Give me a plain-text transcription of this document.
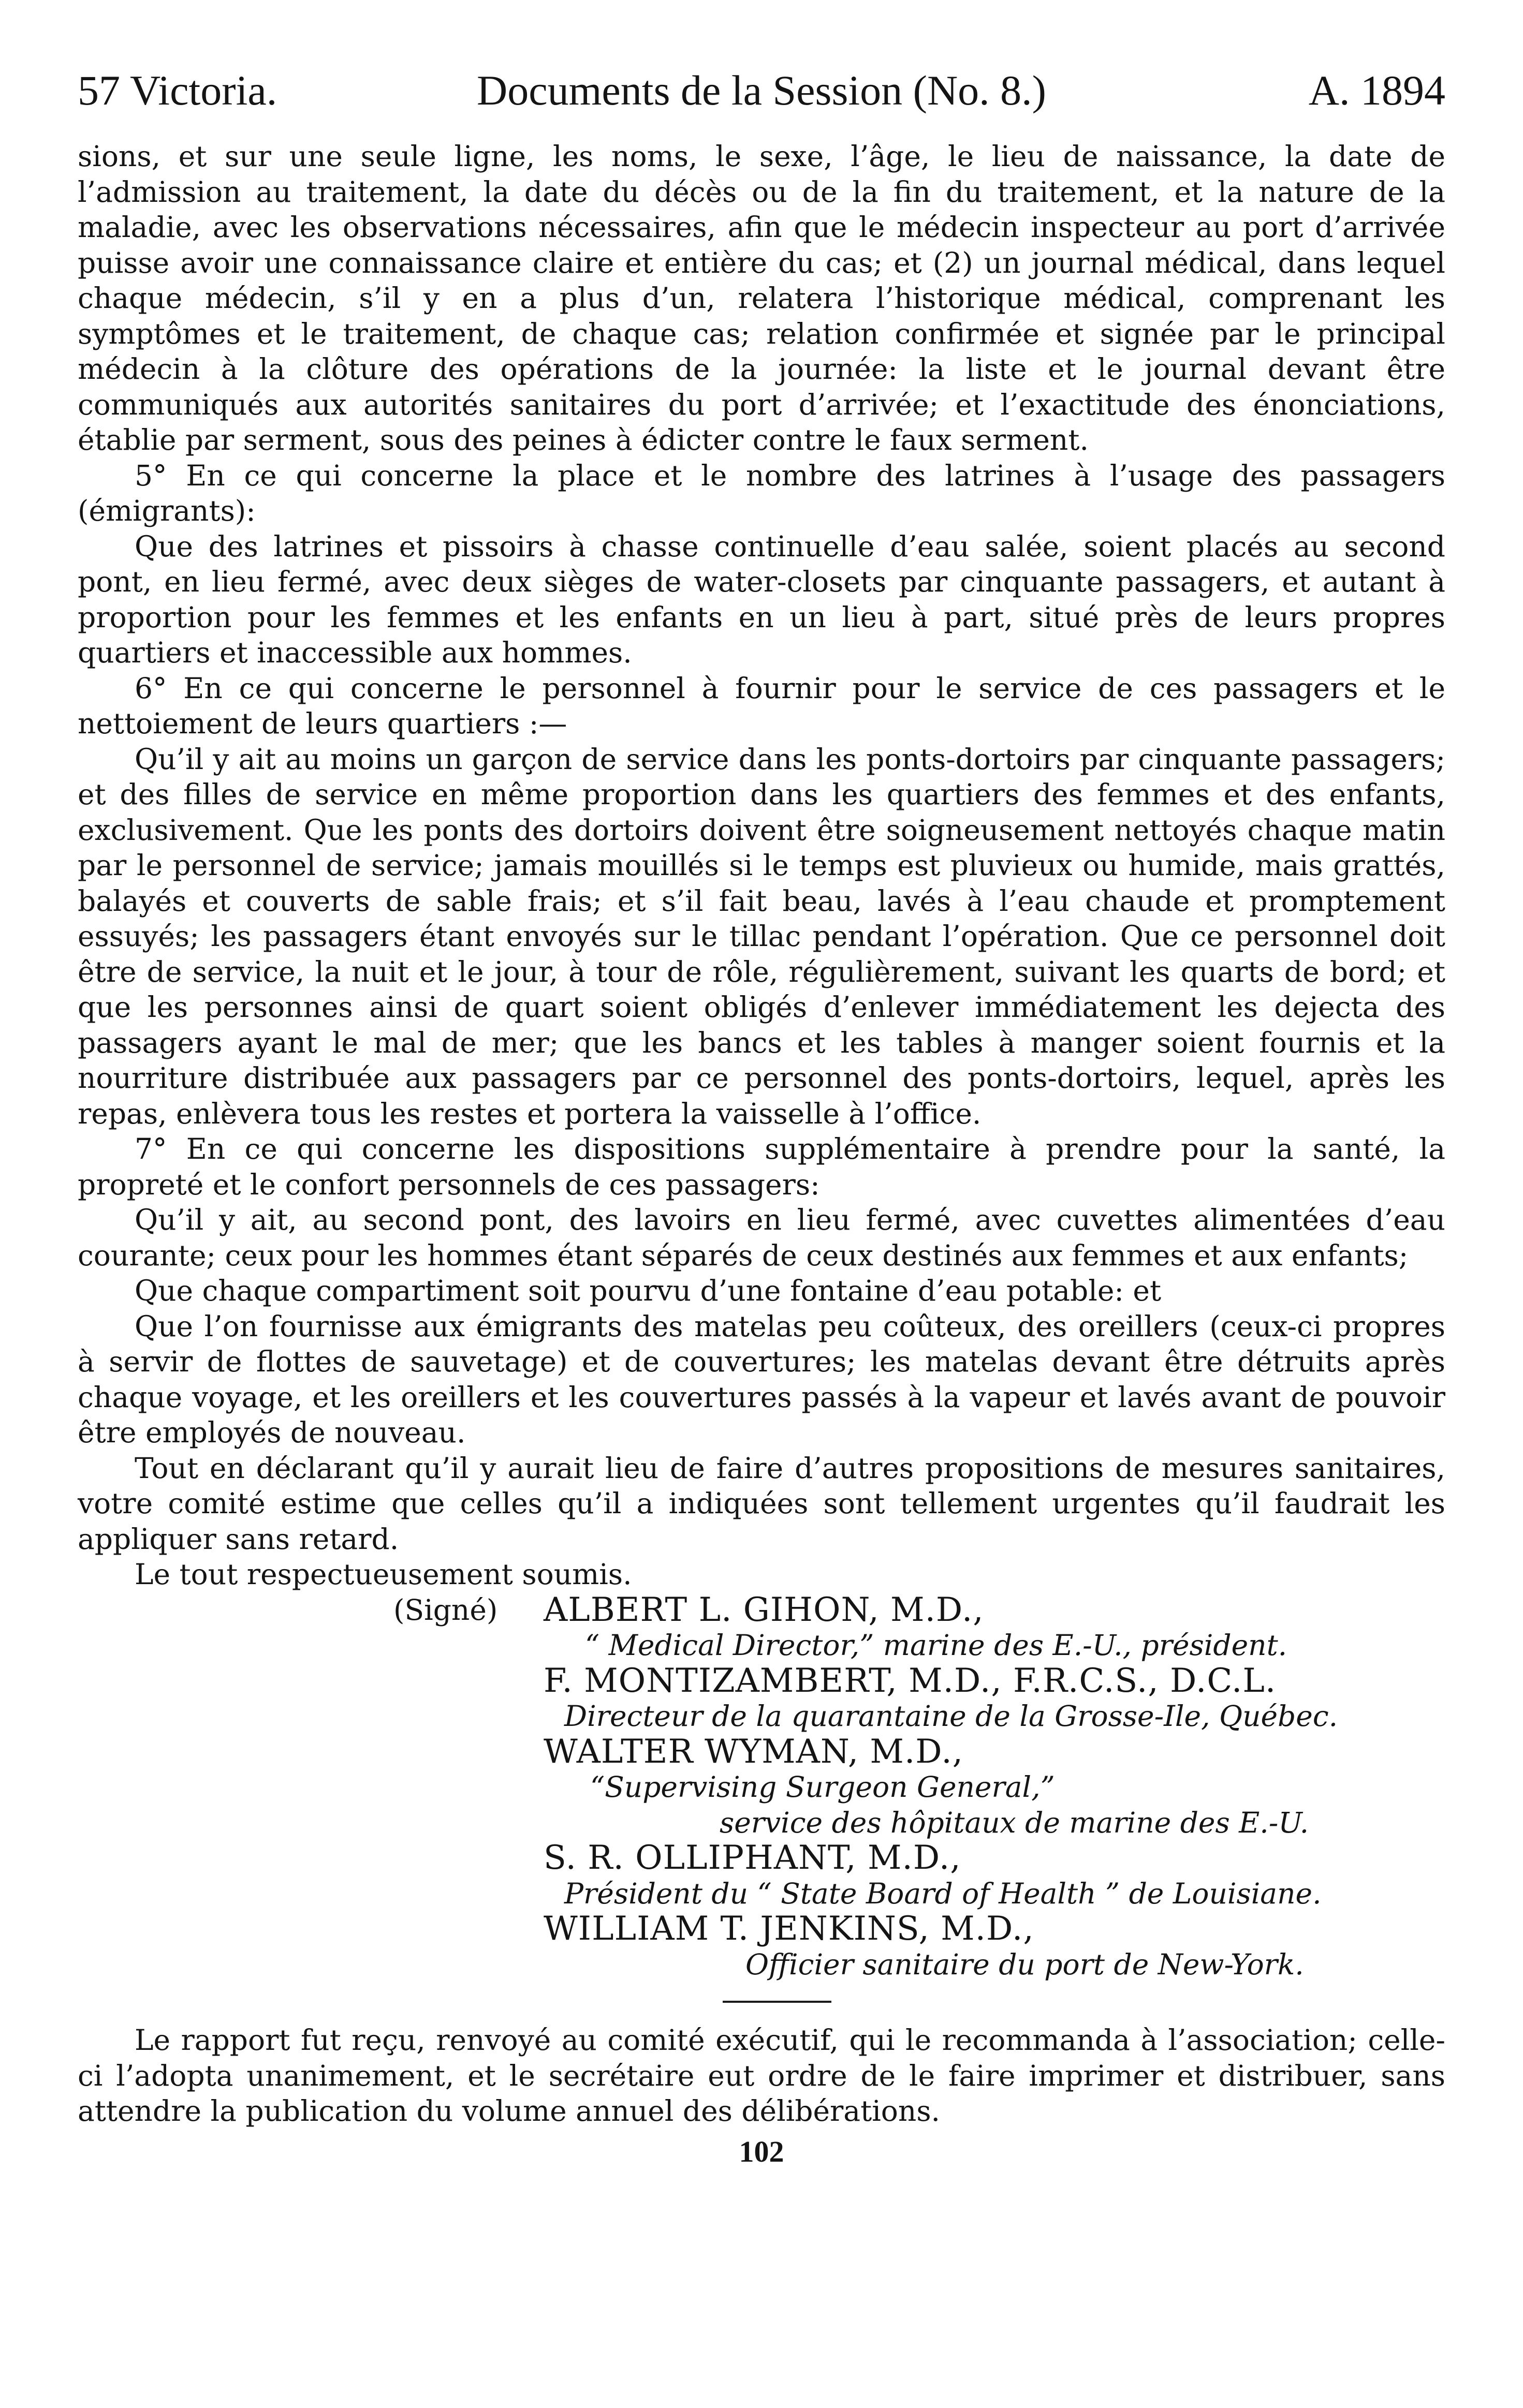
57 Victoria.	Documents de la Session (No. 8.)	A. 1894

sions, et sur une seule ligne, les noms, le sexe, l’âge, le lieu de naissance, la date de l’admission au traitement, la date du décès ou de la fin du traitement, et la nature de la maladie, avec les observations nécessaires, afin que le médecin inspecteur au port d’arrivée puisse avoir une connaissance claire et entière du cas; et (2) un journal médical, dans lequel chaque médecin, s’il y en a plus d’un, relatera l’historique médical, comprenant les symptômes et le traitement, de chaque cas; relation confirmée et signée par le principal médecin à la clôture des opérations de la journée: la liste et le journal devant être communiqués aux autorités sanitaires du port d’arrivée; et l’exactitude des énonciations, établie par serment, sous des peines à édicter contre le faux serment.

5° En ce qui concerne la place et le nombre des latrines à l’usage des passagers (émigrants):

Que des latrines et pissoirs à chasse continuelle d’eau salée, soient placés au second pont, en lieu fermé, avec deux sièges de water-closets par cinquante passagers, et autant à proportion pour les femmes et les enfants en un lieu à part, situé près de leurs propres quartiers et inaccessible aux hommes.

6° En ce qui concerne le personnel à fournir pour le service de ces passagers et le nettoiement de leurs quartiers :—

Qu’il y ait au moins un garçon de service dans les ponts-dortoirs par cinquante passagers; et des filles de service en même proportion dans les quartiers des femmes et des enfants, exclusivement. Que les ponts des dortoirs doivent être soigneusement nettoyés chaque matin par le personnel de service; jamais mouillés si le temps est pluvieux ou humide, mais grattés, balayés et couverts de sable frais; et s’il fait beau, lavés à l’eau chaude et promptement essuyés; les passagers étant envoyés sur le tillac pendant l’opération. Que ce personnel doit être de service, la nuit et le jour, à tour de rôle, régulièrement, suivant les quarts de bord; et que les personnes ainsi de quart soient obligés d’enlever immédiatement les dejecta des passagers ayant le mal de mer; que les bancs et les tables à manger soient fournis et la nourriture distribuée aux passagers par ce personnel des ponts-dortoirs, lequel, après les repas, enlèvera tous les restes et portera la vaisselle à l’office.

7° En ce qui concerne les dispositions supplémentaire à prendre pour la santé, la propreté et le confort personnels de ces passagers:

Qu’il y ait, au second pont, des lavoirs en lieu fermé, avec cuvettes alimentées d’eau courante; ceux pour les hommes étant séparés de ceux destinés aux femmes et aux enfants;

Que chaque compartiment soit pourvu d’une fontaine d’eau potable: et

Que l’on fournisse aux émigrants des matelas peu coûteux, des oreillers (ceux-ci propres à servir de flottes de sauvetage) et de couvertures; les matelas devant être détruits après chaque voyage, et les oreillers et les couvertures passés à la vapeur et lavés avant de pouvoir être employés de nouveau.

Tout en déclarant qu’il y aurait lieu de faire d’autres propositions de mesures sanitaires, votre comité estime que celles qu’il a indiquées sont tellement urgentes qu’il faudrait les appliquer sans retard.

Le tout respectueusement soumis.

(Signé) ALBERT L. GIHON, M.D.,
“ Medical Director,” marine des E.-U., président.
F. MONTIZAMBERT, M.D., F.R.C.S., D.C.L.
Directeur de la quarantaine de la Grosse-Ile, Québec.
WALTER WYMAN, M.D.,
“Supervising Surgeon General,”
service des hôpitaux de marine des E.-U.
S. R. OLLIPHANT, M.D.,
Président du “ State Board of Health ” de Louisiane.
WILLIAM T. JENKINS, M.D.,
Officier sanitaire du port de New-York.

Le rapport fut reçu, renvoyé au comité exécutif, qui le recommanda à l’association; celle-ci l’adopta unanimement, et le secrétaire eut ordre de le faire imprimer et distribuer, sans attendre la publication du volume annuel des délibérations.

102
